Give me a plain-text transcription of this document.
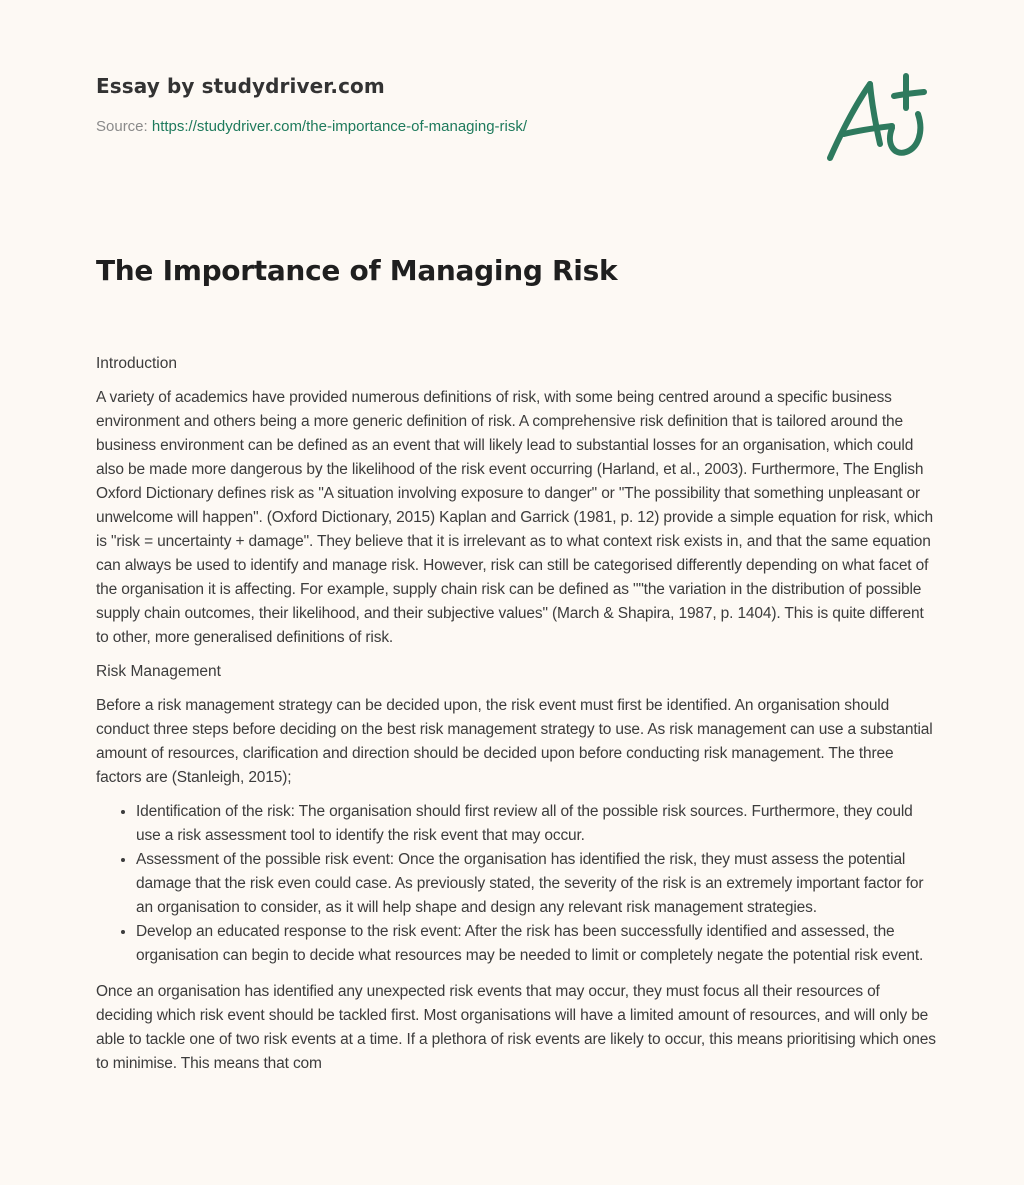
Essay by studydriver.com
Source: https://studydriver.com/the-importance-of-managing-risk/
The Importance of Managing Risk

Introduction

A variety of academics have provided numerous definitions of risk, with some being centred around a specific business environment and others being a more generic definition of risk. A comprehensive risk definition that is tailored around the business environment can be defined as an event that will likely lead to substantial losses for an organisation, which could also be made more dangerous by the likelihood of the risk event occurring (Harland, et al., 2003). Furthermore, The English Oxford Dictionary defines risk as "A situation involving exposure to danger" or "The possibility that something unpleasant or unwelcome will happen". (Oxford Dictionary, 2015) Kaplan and Garrick (1981, p. 12) provide a simple equation for risk, which is "risk = uncertainty + damage". They believe that it is irrelevant as to what context risk exists in, and that the same equation can always be used to identify and manage risk. However, risk can still be categorised differently depending on what facet of the organisation it is affecting. For example, supply chain risk can be defined as ""the variation in the distribution of possible supply chain outcomes, their likelihood, and their subjective values" (March & Shapira, 1987, p. 1404). This is quite different to other, more generalised definitions of risk.

Risk Management

Before a risk management strategy can be decided upon, the risk event must first be identified. An organisation should conduct three steps before deciding on the best risk management strategy to use. As risk management can use a substantial amount of resources, clarification and direction should be decided upon before conducting risk management. The three factors are (Stanleigh, 2015);

• Identification of the risk: The organisation should first review all of the possible risk sources. Furthermore, they could use a risk assessment tool to identify the risk event that may occur.
• Assessment of the possible risk event: Once the organisation has identified the risk, they must assess the potential damage that the risk even could case. As previously stated, the severity of the risk is an extremely important factor for an organisation to consider, as it will help shape and design any relevant risk management strategies.
• Develop an educated response to the risk event: After the risk has been successfully identified and assessed, the organisation can begin to decide what resources may be needed to limit or completely negate the potential risk event.

Once an organisation has identified any unexpected risk events that may occur, they must focus all their resources of deciding which risk event should be tackled first. Most organisations will have a limited amount of resources, and will only be able to tackle one of two risk events at a time. If a plethora of risk events are likely to occur, this means prioritising which ones to minimise. This means that com
